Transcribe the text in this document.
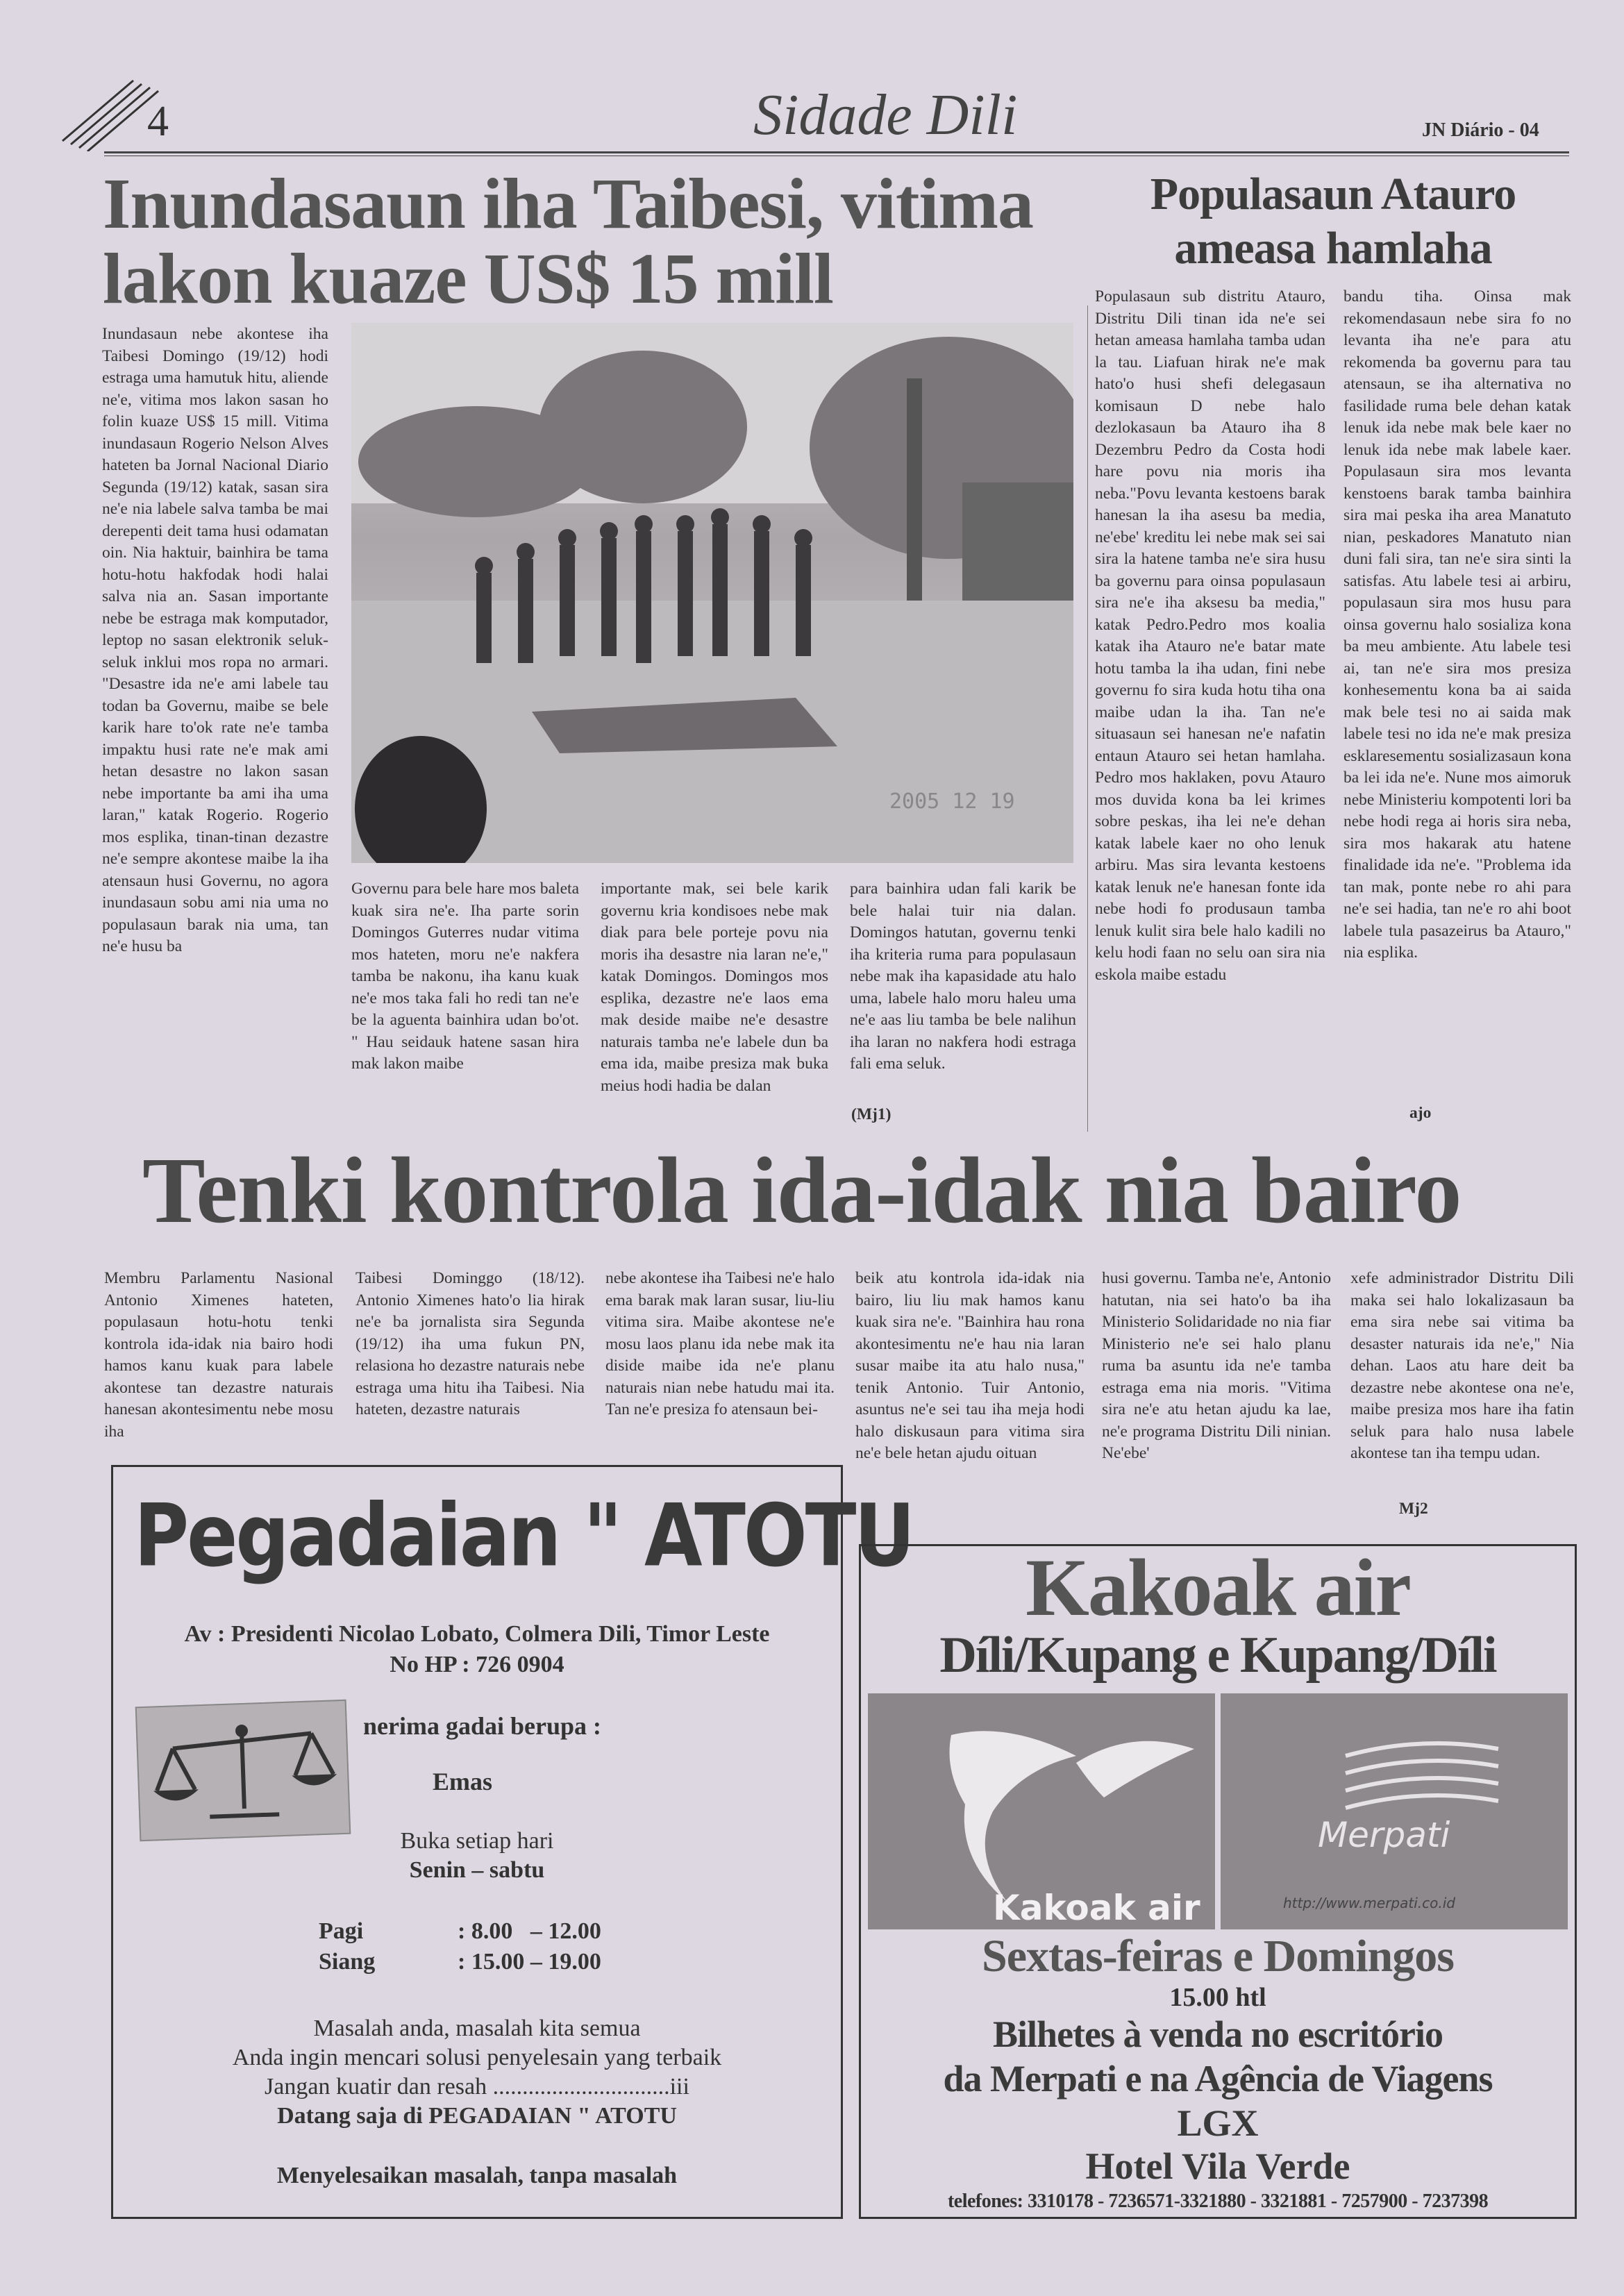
4	Sidade Dili	JN Diário - 04
Inundasaun iha Taibesi, vitima
lakon kuaze US$ 15 mill

Inundasaun nebe akontese iha Taibesi Domingo (19/12) hodi estraga uma hamutuk hitu, aliende ne'e, vitima mos lakon sasan ho folin kuaze US$ 15 mill. Vitima inundasaun Rogerio Nelson Alves hateten ba Jornal Nacional Diario Segunda (19/12) katak, sasan sira ne'e nia labele salva tamba be mai derepenti deit tama husi odamatan oin. Nia haktuir, bainhira be tama hotu-hotu hakfodak hodi halai salva nia an. Sasan importante nebe be estraga mak komputador, leptop no sasan elektronik seluk-seluk inklui mos ropa no armari. "Desastre ida ne'e ami labele tau todan ba Governu, maibe se bele karik hare to'ok rate ne'e tamba impaktu husi rate ne'e mak ami hetan desastre no lakon sasan nebe importante ba ami iha uma laran," katak Rogerio. Rogerio mos esplika, tinan-tinan dezastre ne'e sempre akontese maibe la iha atensaun husi Governu, no agora inundasaun sobu ami nia uma no populasaun barak nia uma, tan ne'e husu ba

2005 12 19

Governu para bele hare mos baleta kuak sira ne'e. Iha parte sorin Domingos Guterres nudar vitima mos hateten, moru ne'e nakfera tamba be nakonu, iha kanu kuak ne'e mos taka fali ho redi tan ne'e be la aguenta bainhira udan bo'ot. " Hau seidauk hatene sasan hira mak lakon maibe

importante mak, sei bele karik governu kria kondisoes nebe mak diak para bele porteje povu nia moris iha desastre nia laran ne'e," katak Domingos. Domingos mos esplika, dezastre ne'e laos ema mak deside maibe ne'e desastre naturais tamba ne'e labele dun ba ema ida, maibe presiza mak buka meius hodi hadia be dalan

para bainhira udan fali karik be bele halai tuir nia dalan. Domingos hatutan, governu tenki iha kriteria ruma para populasaun nebe mak iha kapasidade atu halo uma, labele halo moru haleu uma ne'e aas liu tamba be bele nalihun iha laran no nakfera hodi estraga fali ema seluk.

(Mj1)
Populasaun Atauro
ameasa hamlaha

Populasaun sub distritu Atauro, Distritu Dili tinan ida ne'e sei hetan ameasa hamlaha tamba udan la tau. Liafuan hirak ne'e mak hato'o husi shefi delegasaun komisaun D nebe halo dezlokasaun ba Atauro iha 8 Dezembru Pedro da Costa hodi hare povu nia moris iha neba."Povu levanta kestoens barak hanesan la iha asesu ba media, ne'ebe' kreditu lei nebe mak sei sai sira la hatene tamba ne'e sira husu ba governu para oinsa populasaun sira ne'e iha aksesu ba media," katak Pedro.Pedro mos koalia katak iha Atauro ne'e batar mate hotu tamba la iha udan, fini nebe governu fo sira kuda hotu tiha ona maibe udan la iha. Tan ne'e situasaun sei hanesan ne'e nafatin entaun Atauro sei hetan hamlaha. Pedro mos haklaken, povu Atauro mos duvida kona ba lei krimes sobre peskas, iha lei ne'e dehan katak labele kaer no oho lenuk arbiru. Mas sira levanta kestoens katak lenuk ne'e hanesan fonte ida nebe hodi fo produsaun tamba lenuk kulit sira bele halo kadili no kelu hodi faan no selu oan sira nia eskola maibe estadu

bandu tiha. Oinsa mak rekomendasaun nebe sira fo no levanta iha ne'e para atu rekomenda ba governu para tau atensaun, se iha alternativa no fasilidade ruma bele dehan katak lenuk ida nebe mak bele kaer no lenuk ida nebe mak labele kaer. Populasaun sira mos levanta kenstoens barak tamba bainhira sira mai peska iha area Manatuto nian, peskadores Manatuto nian duni fali sira, tan ne'e sira sinti la satisfas. Atu labele tesi ai arbiru, populasaun sira mos husu para oinsa governu halo sosializa kona ba meu ambiente. Atu labele tesi ai, tan ne'e sira mos presiza konhesementu kona ba ai saida mak bele tesi no ai saida mak labele tesi no ida ne'e mak presiza esklaresementu sosializasaun kona ba lei ida ne'e. Nune mos aimoruk nebe Ministeriu kompotenti lori ba nebe hodi rega ai horis sira neba, sira mos hakarak atu hatene finalidade ida ne'e. "Problema ida tan mak, ponte nebe ro ahi para ne'e sei hadia, tan ne'e ro ahi boot labele tula pasazeirus ba Atauro," nia esplika.

ajo
Tenki kontrola ida-idak nia bairo

Membru Parlamentu Nasional Antonio Ximenes hateten, populasaun hotu-hotu tenki kontrola ida-idak nia bairo hodi hamos kanu kuak para labele akontese tan dezastre naturais hanesan akontesimentu nebe mosu iha

Taibesi Dominggo (18/12). Antonio Ximenes hato'o lia hirak ne'e ba jornalista sira Segunda (19/12) iha uma fukun PN, relasiona ho dezastre naturais nebe estraga uma hitu iha Taibesi. Nia hateten, dezastre naturais

nebe akontese iha Taibesi ne'e halo ema barak mak laran susar, liu-liu vitima sira. Maibe akontese ne'e mosu laos planu ida nebe mak ita diside maibe ida ne'e planu naturais nian nebe hatudu mai ita. Tan ne'e presiza fo atensaun bei-

beik atu kontrola ida-idak nia bairo, liu liu mak hamos kanu kuak sira ne'e. "Bainhira hau rona akontesimentu ne'e hau nia laran susar maibe ita atu halo nusa," tenik Antonio. Tuir Antonio, asuntus ne'e sei tau iha meja hodi halo diskusaun para vitima sira ne'e bele hetan ajudu oituan

husi governu. Tamba ne'e, Antonio hatutan, nia sei hato'o ba iha Ministerio Solidaridade no nia fiar Ministerio ne'e sei halo planu ruma ba asuntu ida ne'e tamba estraga ema nia moris. "Vitima sira ne'e atu hetan ajudu ka lae, ne'e programa Distritu Dili ninian. Ne'ebe'

xefe administrador Distritu Dili maka sei halo lokalizasaun ba ema sira nebe sai vitima ba desaster naturais ida ne'e," Nia dehan. Laos atu hare deit ba dezastre nebe akontese ona ne'e, maibe presiza mos hare iha fatin seluk para halo nusa labele akontese tan iha tempu udan.

Mj2
Pegadaian " ATOTU
Av : Presidenti Nicolao Lobato, Colmera Dili, Timor Leste
No HP : 726 0904
nerima gadai berupa :
Emas
Buka setiap hari
Senin – sabtu
Pagi	: 8.00   – 12.00
Siang	: 15.00 – 19.00
Masalah anda, masalah kita semua
Anda ingin mencari solusi penyelesain yang terbaik
Jangan kuatir dan resah ..............................iii
Datang saja di PEGADAIAN " ATOTU
Menyelesaikan masalah, tanpa masalah
Kakoak air
Díli/Kupang e Kupang/Díli
Kakoak air
Merpati
http://www.merpati.co.id
Sextas-feiras e Domingos
15.00 htl
Bilhetes à venda no escritório
da Merpati e na Agência de Viagens
LGX
Hotel Vila Verde
telefones: 3310178 - 7236571-3321880 - 3321881 - 7257900 - 7237398
